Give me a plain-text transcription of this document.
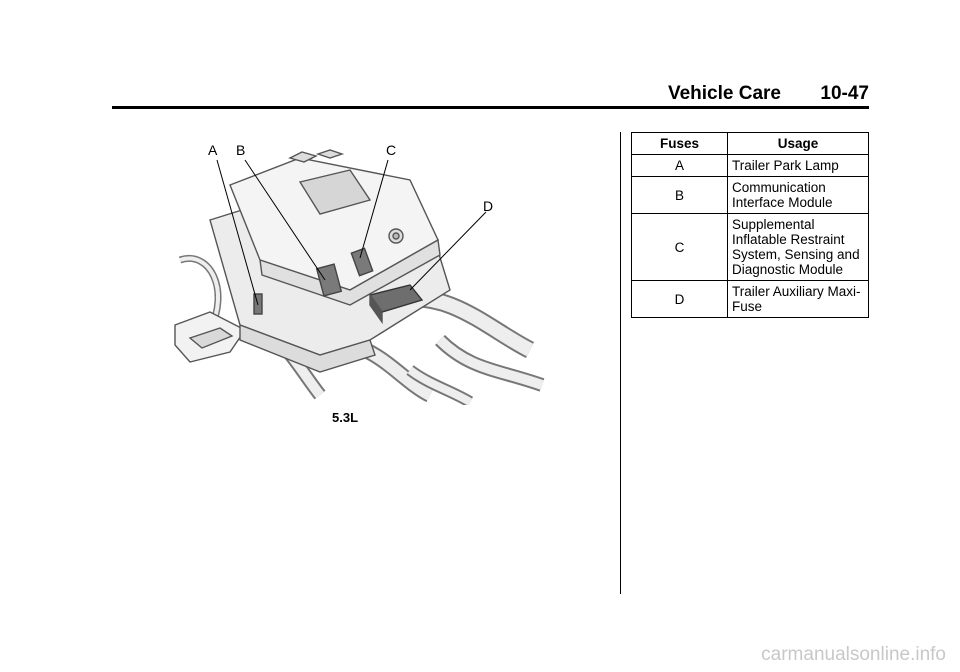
Vehicle Care 10-47
A B	C
D
5.3L
Fuses	Usage
A	Trailer Park Lamp
B	Communication Interface Module
C	Supplemental Inflatable Restraint System, Sensing and Diagnostic Module
D	Trailer Auxiliary Maxi-Fuse
carmanualsonline.info
